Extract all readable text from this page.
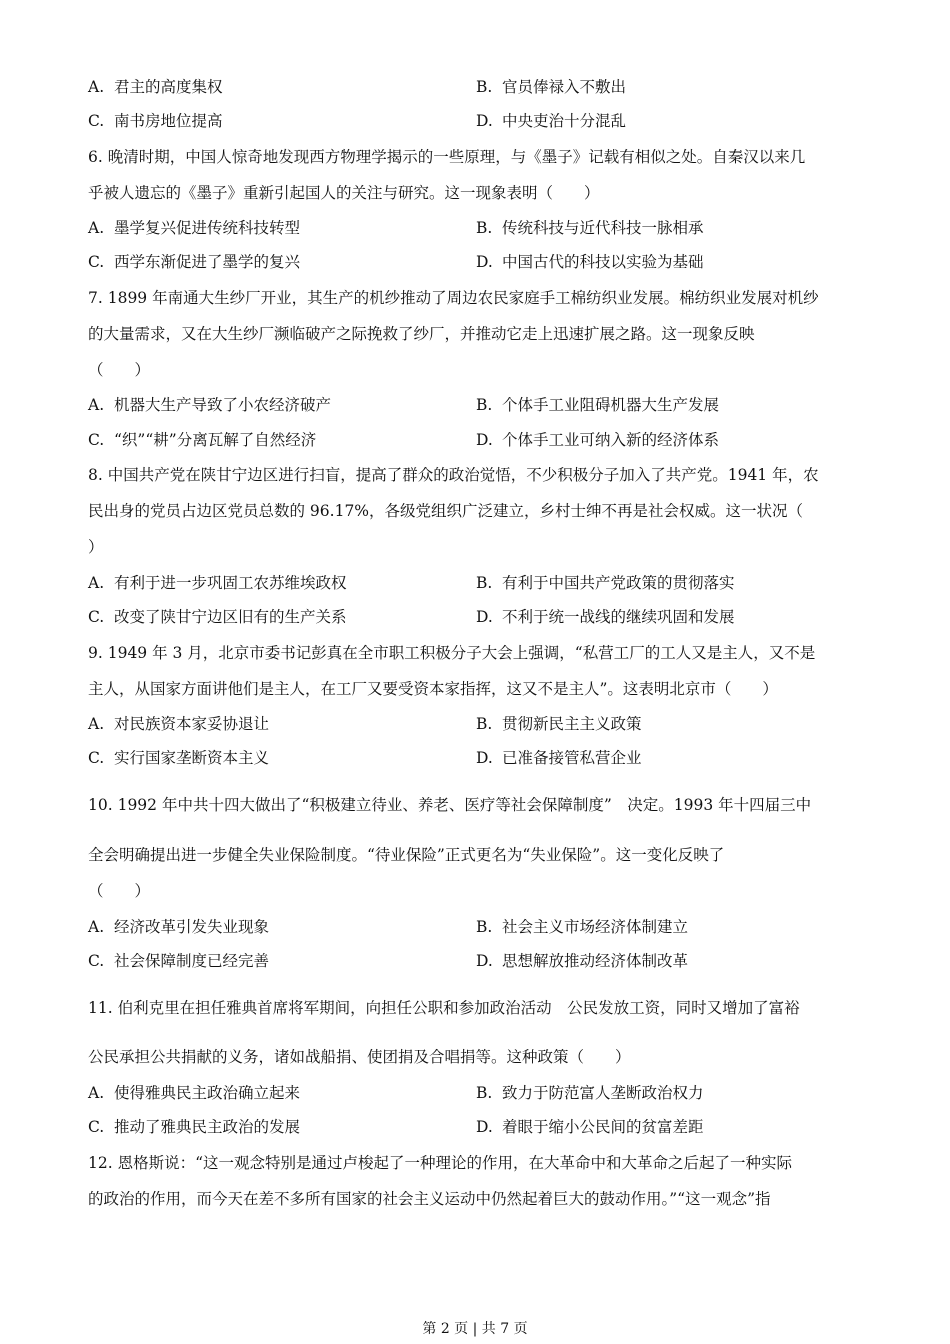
A. 君主的高度集权	B. 官员俸禄入不敷出
C. 南书房地位提高	D. 中央吏治十分混乱
6. 晚清时期，中国人惊奇地发现西方物理学揭示的一些原理，与《墨子》记载有相似之处。自秦汉以来几
乎被人遗忘的《墨子》重新引起国人的关注与研究。这一现象表明（　　）
A. 墨学复兴促进传统科技转型	B. 传统科技与近代科技一脉相承
C. 西学东渐促进了墨学的复兴	D. 中国古代的科技以实验为基础
7. 1899 年南通大生纱厂开业，其生产的机纱推动了周边农民家庭手工棉纺织业发展。棉纺织业发展对机纱
的大量需求，又在大生纱厂濒临破产之际挽救了纱厂，并推动它走上迅速扩展之路。这一现象反映
（　　）
A. 机器大生产导致了小农经济破产	B. 个体手工业阻碍机器大生产发展
C. “织”“耕”分离瓦解了自然经济	D. 个体手工业可纳入新的经济体系
8. 中国共产党在陕甘宁边区进行扫盲，提高了群众的政治觉悟，不少积极分子加入了共产党。1941 年，农
民出身的党员占边区党员总数的 96.17%，各级党组织广泛建立，乡村士绅不再是社会权威。这一状况（
）
A. 有利于进一步巩固工农苏维埃政权	B. 有利于中国共产党政策的贯彻落实
C. 改变了陕甘宁边区旧有的生产关系	D. 不利于统一战线的继续巩固和发展
9. 1949 年 3 月，北京市委书记彭真在全市职工积极分子大会上强调，“私营工厂的工人又是主人，又不是
主人，从国家方面讲他们是主人，在工厂又要受资本家指挥，这又不是主人”。这表明北京市（　　）
A. 对民族资本家妥协退让	B. 贯彻新民主主义政策
C. 实行国家垄断资本主义	D. 已准备接管私营企业
10. 1992 年中共十四大做出了“积极建立待业、养老、医疗等社会保障制度”　决定。1993 年十四届三中
全会明确提出进一步健全失业保险制度。“待业保险”正式更名为“失业保险”。这一变化反映了
（　　）
A. 经济改革引发失业现象	B. 社会主义市场经济体制建立
C. 社会保障制度已经完善	D. 思想解放推动经济体制改革
11. 伯利克里在担任雅典首席将军期间，向担任公职和参加政治活动　公民发放工资，同时又增加了富裕
公民承担公共捐献的义务，诸如战船捐、使团捐及合唱捐等。这种政策（　　）
A. 使得雅典民主政治确立起来	B. 致力于防范富人垄断政治权力
C. 推动了雅典民主政治的发展	D. 着眼于缩小公民间的贫富差距
12. 恩格斯说：“这一观念特别是通过卢梭起了一种理论的作用，在大革命中和大革命之后起了一种实际
的政治的作用，而今天在差不多所有国家的社会主义运动中仍然起着巨大的鼓动作用。”“这一观念”指
第 2 页 | 共 7 页
